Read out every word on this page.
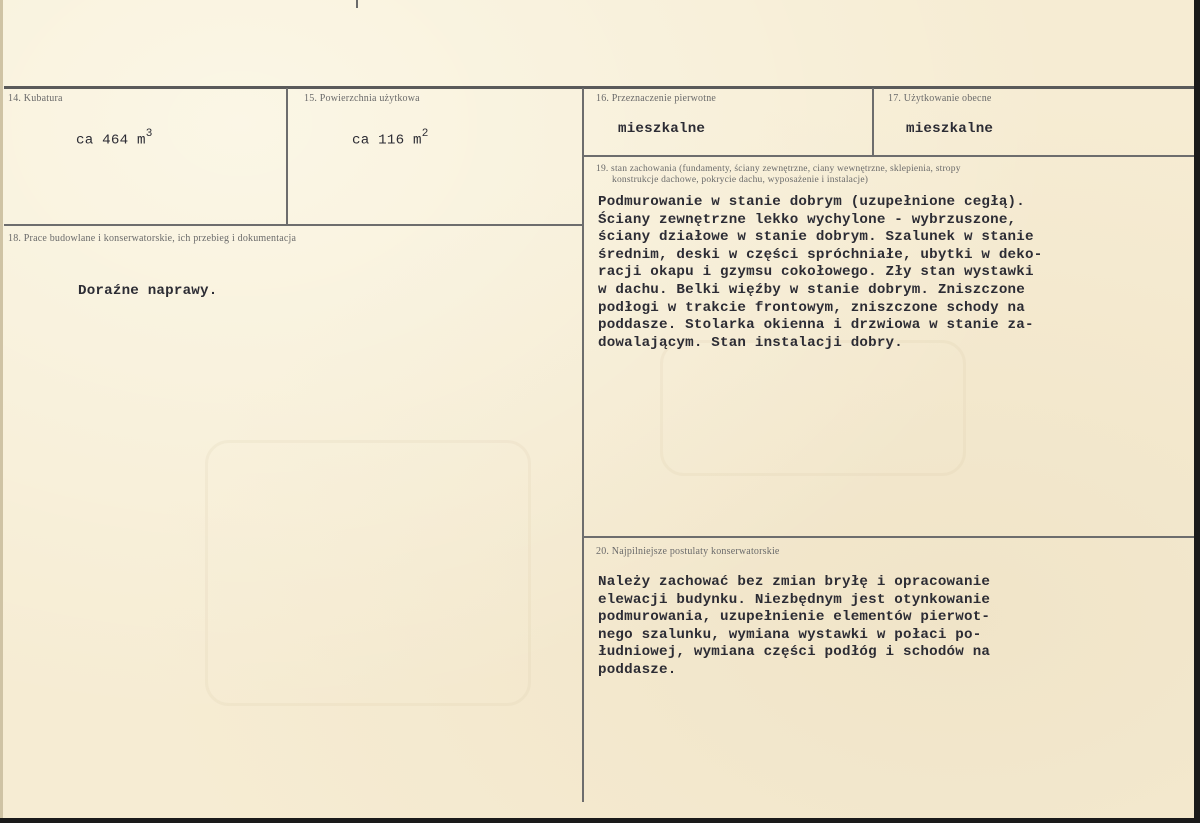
14. Kubatura
ca 464 $m^3$
15. Powierzchnia użytkowa
ca 116 $m^2$
16. Przeznaczenie pierwotne
mieszkalne
17. Użytkowanie obecne
mieszkalne
18. Prace budowlane i konserwatorskie, ich przebieg i dokumentacja
Doraźne naprawy.
19. stan zachowania (fundamenty, ściany zewnętrzne, ciany wewnętrzne, sklepienia, stropy
konstrukcje dachowe, pokrycie dachu, wyposażenie i instalacje)

Podmurowanie w stanie dobrym (uzupełnione cegłą).

Ściany zewnętrzne lekko wychylone - wybrzuszone,

ściany działowe w stanie dobrym. Szalunek w stanie

średnim, deski w części spróchniałe, ubytki w deko-

racji okapu i gzymsu cokołowego. Zły stan wystawki

w dachu. Belki więźby w stanie dobrym. Zniszczone

podłogi w trakcie frontowym, zniszczone schody na

poddasze. Stolarka okienna i drzwiowa w stanie za-

dowalającym. Stan instalacji dobry.

20. Najpilniejsze postulaty konserwatorskie

Należy zachować bez zmian bryłę i opracowanie

elewacji budynku. Niezbędnym jest otynkowanie

podmurowania, uzupełnienie elementów pierwot-

nego szalunku, wymiana wystawki w połaci po-

łudniowej, wymiana części podłóg i schodów na

poddasze.
